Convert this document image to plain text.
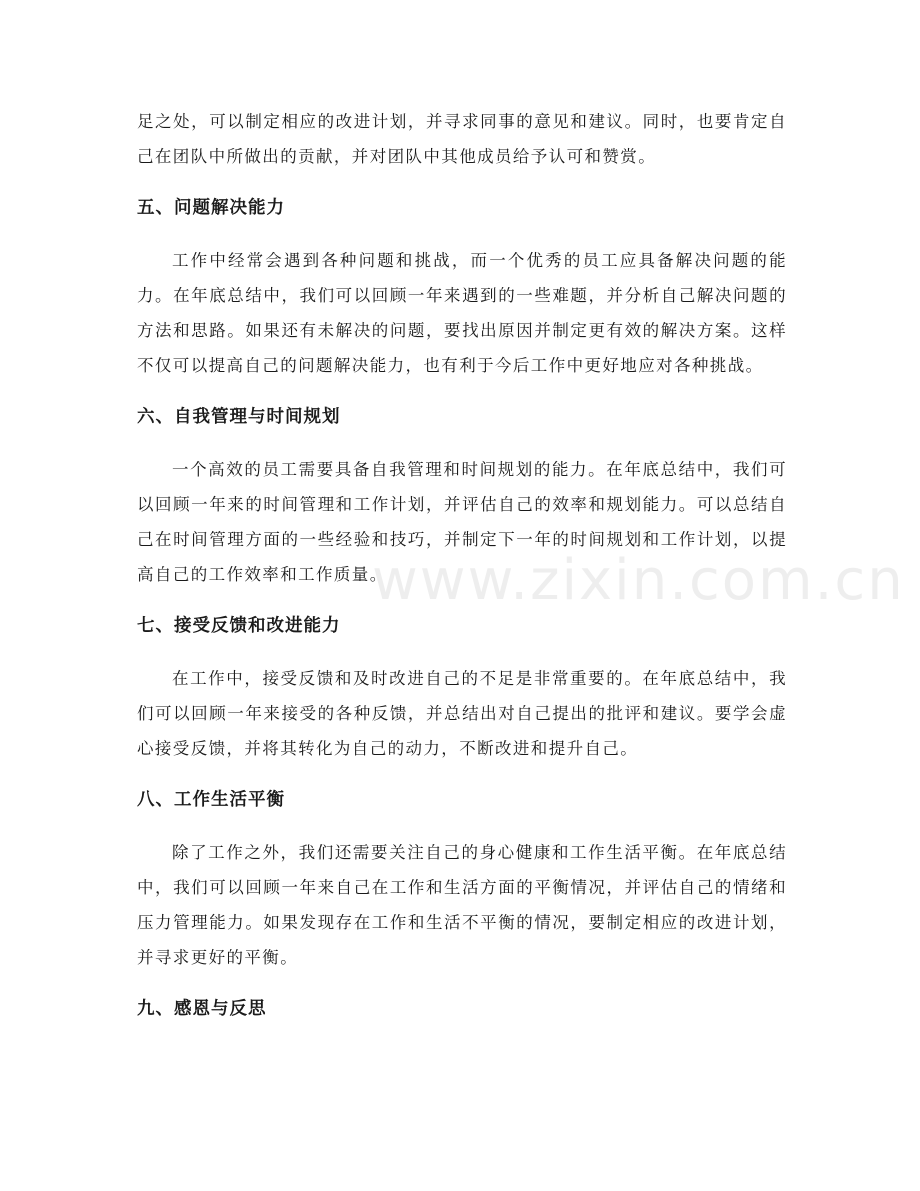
足之处，可以制定相应的改进计划，并寻求同事的意见和建议。同时，也要肯定自己在团队中所做出的贡献，并对团队中其他成员给予认可和赞赏。

五、问题解决能力

工作中经常会遇到各种问题和挑战，而一个优秀的员工应具备解决问题的能力。在年底总结中，我们可以回顾一年来遇到的一些难题，并分析自己解决问题的方法和思路。如果还有未解决的问题，要找出原因并制定更有效的解决方案。这样不仅可以提高自己的问题解决能力，也有利于今后工作中更好地应对各种挑战。

六、自我管理与时间规划

一个高效的员工需要具备自我管理和时间规划的能力。在年底总结中，我们可以回顾一年来的时间管理和工作计划，并评估自己的效率和规划能力。可以总结自己在时间管理方面的一些经验和技巧，并制定下一年的时间规划和工作计划，以提高自己的工作效率和工作质量。

七、接受反馈和改进能力

在工作中，接受反馈和及时改进自己的不足是非常重要的。在年底总结中，我们可以回顾一年来接受的各种反馈，并总结出对自己提出的批评和建议。要学会虚心接受反馈，并将其转化为自己的动力，不断改进和提升自己。

八、工作生活平衡

除了工作之外，我们还需要关注自己的身心健康和工作生活平衡。在年底总结中，我们可以回顾一年来自己在工作和生活方面的平衡情况，并评估自己的情绪和压力管理能力。如果发现存在工作和生活不平衡的情况，要制定相应的改进计划，并寻求更好的平衡。

九、感恩与反思
www.zixin.com.cn
